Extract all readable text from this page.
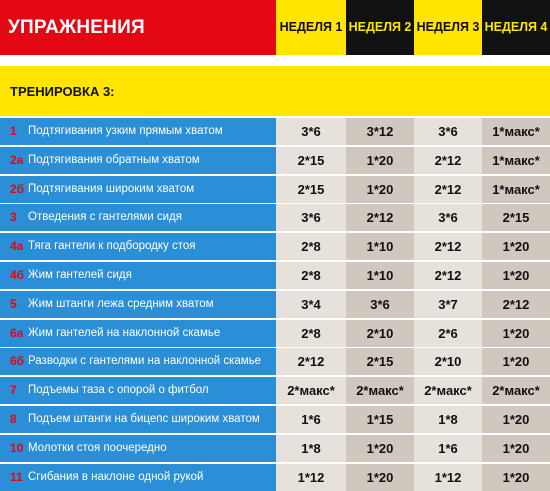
УПРАЖНЕНИЯ	НЕДЕЛЯ 1 НЕДЕЛЯ 2 НЕДЕЛЯ 3 НЕДЕЛЯ 4
ТРЕНИРОВКА 3:
1 Подтягивания узким прямым хватом	3*6	3*12	3*6	1*макс*
2а Подтягивания обратным хватом	2*15	1*20	2*12	1*макс*
2б Подтягивания широким хватом	2*15	1*20	2*12	1*макс*
3 Отведения с гантелями сидя	3*6	2*12	3*6	2*15
4а Тяга гантели к подбородку стоя	2*8	1*10	2*12	1*20
4б Жим гантелей сидя	2*8	1*10	2*12	1*20
5 Жим штанги лежа средним хватом	3*4	3*6	3*7	2*12
6а Жим гантелей на наклонной скамье	2*8	2*10	2*6	1*20
6б Разводки с гантелями на наклонной скамье	2*12	2*15	2*10	1*20
7 Подъемы таза с опорой о фитбол	2*макс*	2*макс*	2*макс*	2*макс*
8 Подъем штанги на бицепс широким хватом	1*6	1*15	1*8	1*20
10 Молотки стоя поочередно	1*8	1*20	1*6	1*20
11 Сгибания в наклоне одной рукой	1*12	1*20	1*12	1*20
